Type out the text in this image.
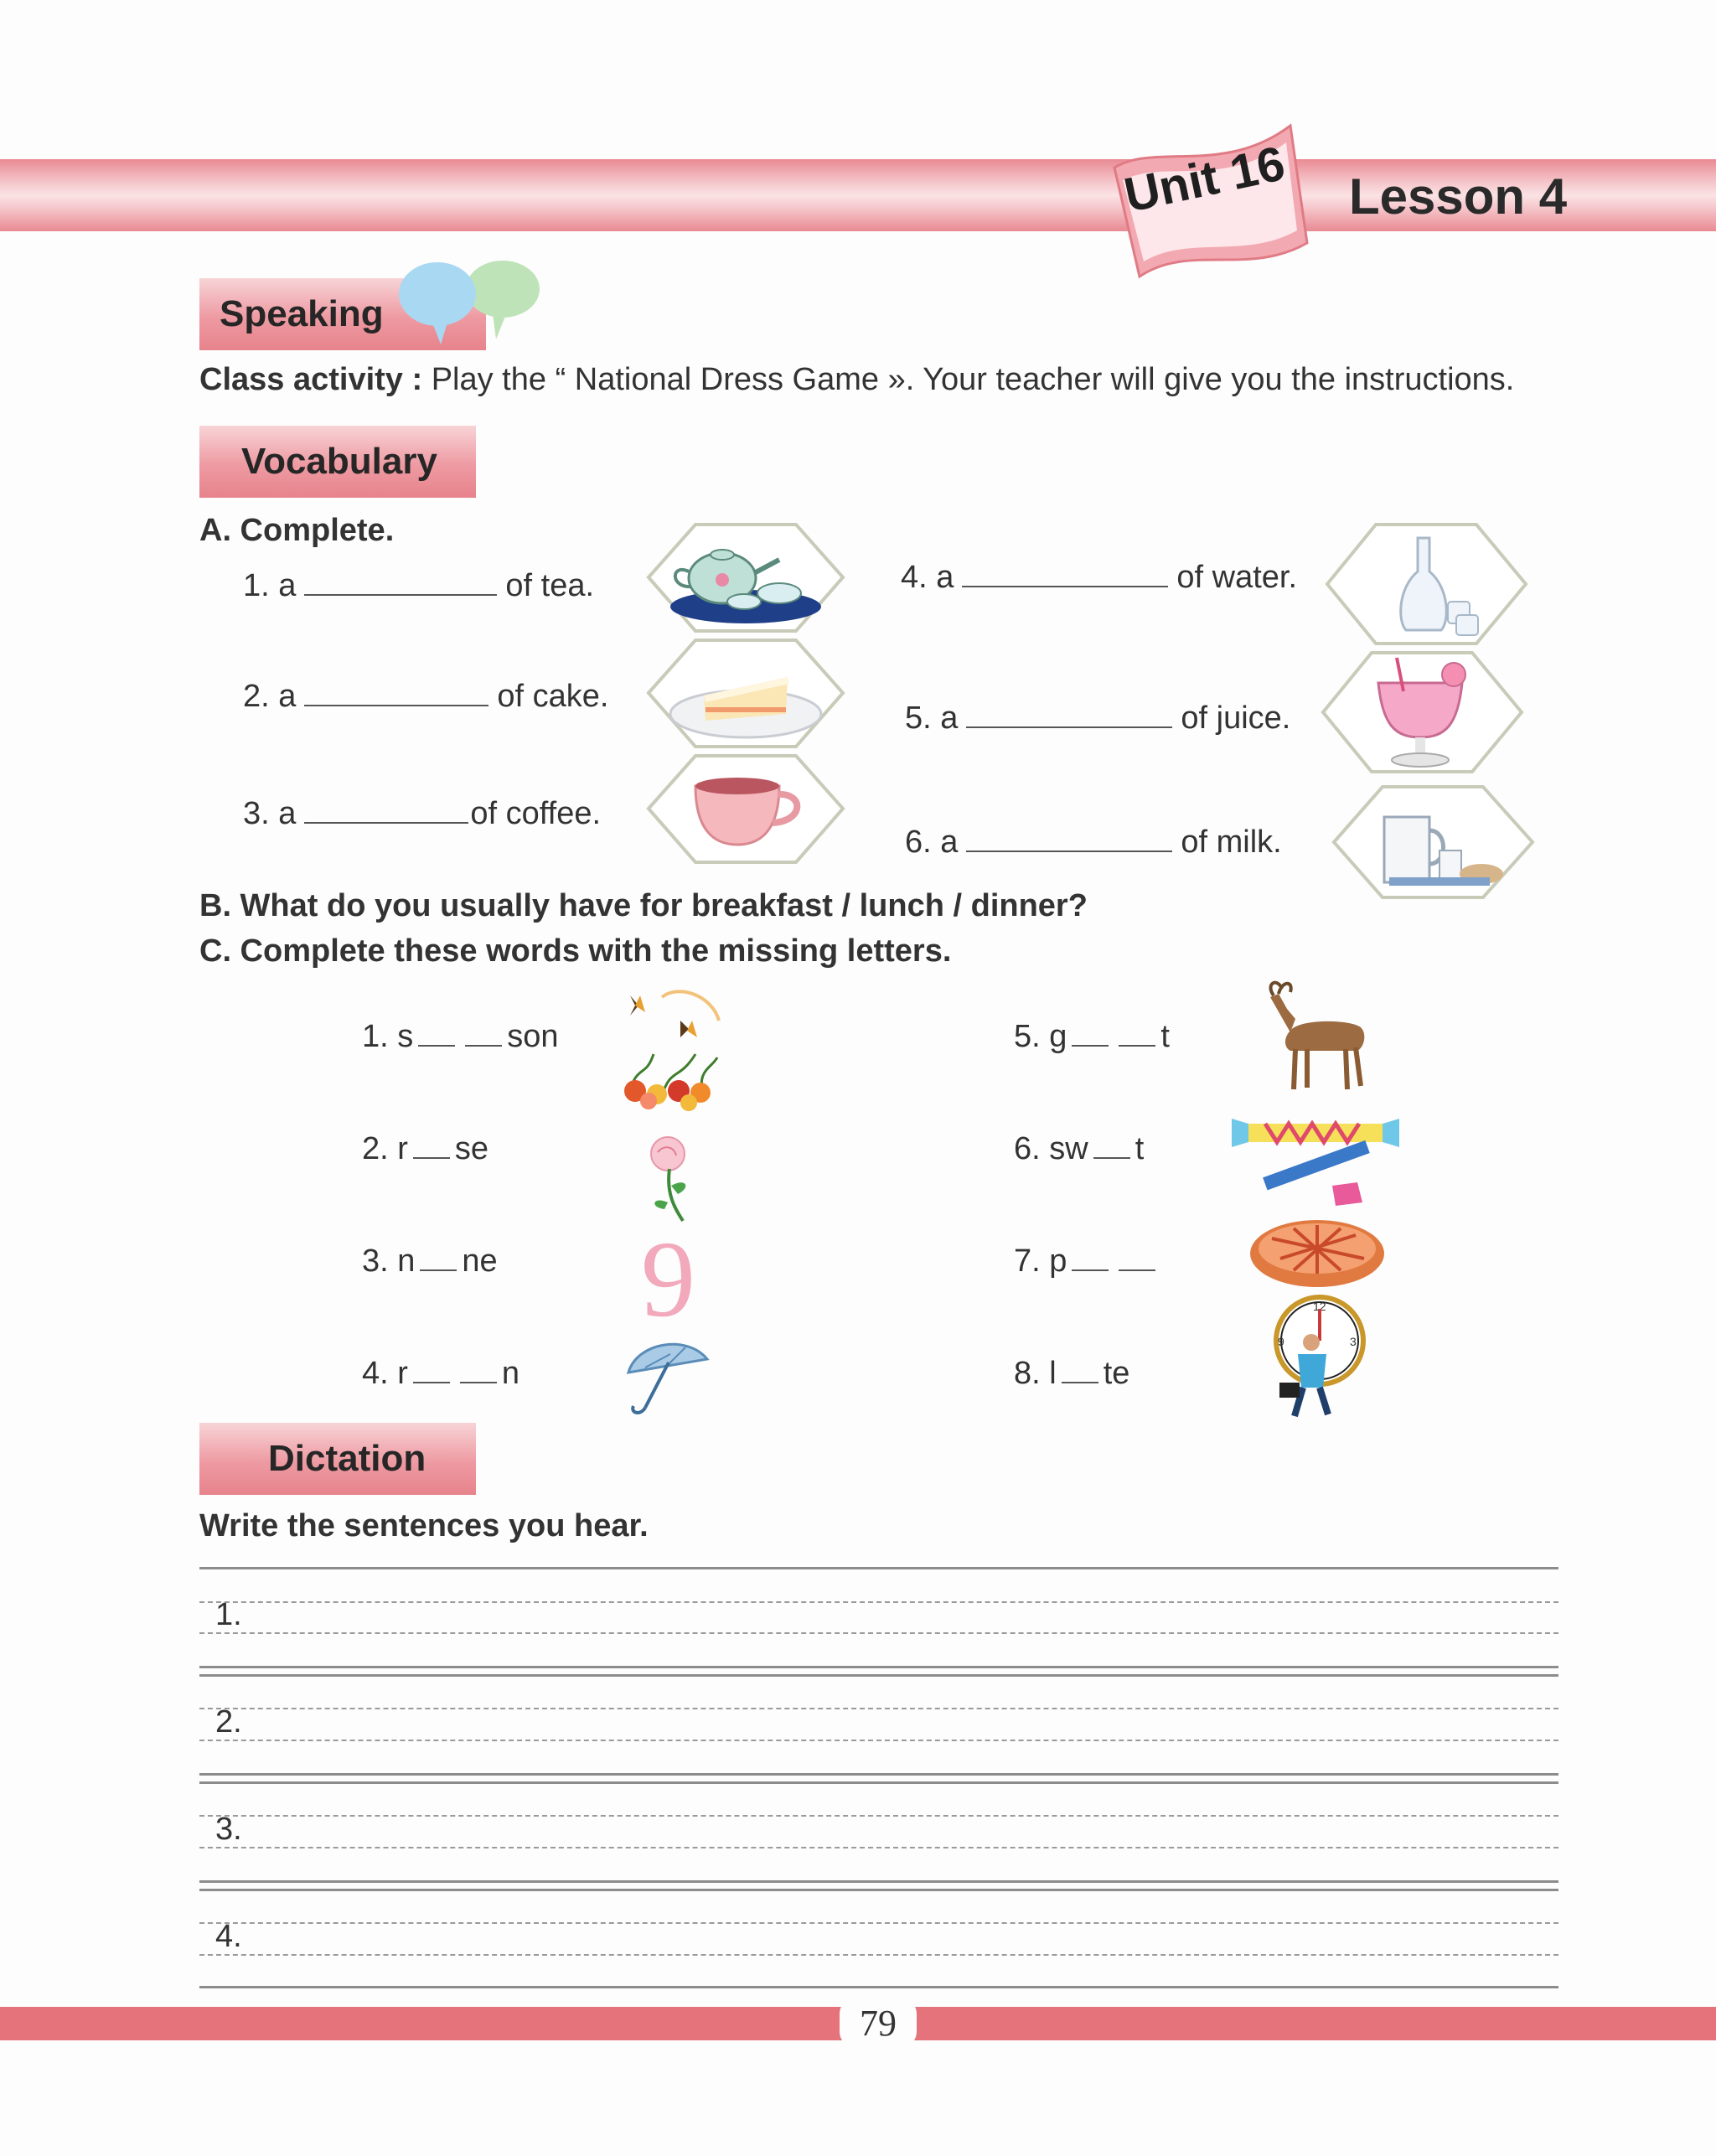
Unit 16 Lesson 4
Speaking
Class activity : Play the “ National Dress Game ». Your teacher will give you the instructions.
Vocabulary
A. Complete.
1. a	of tea.
2. a	of cake.
3. a	of coffee.
4. a	of water.
5. a	of juice.
6. a	of milk.
B. What do you usually have for breakfast / lunch / dinner?
C. Complete these words with the missing letters.
1. s	son
2. r se
3. n ne
4. r	n
5. g	t
6. sw t
7. p
8. l te
9	12
3
9
Dictation
Write the sentences you hear.
1.
2.
3.
4.
79
